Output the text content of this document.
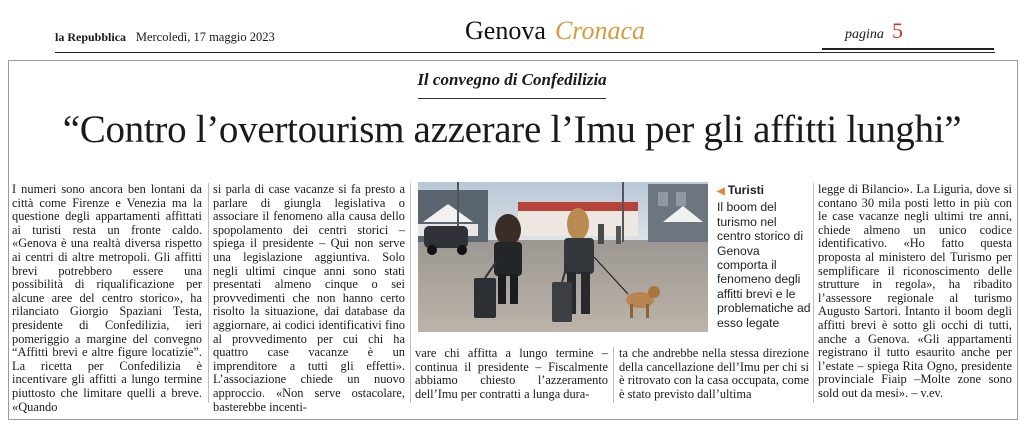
la Repubblica Mercoledì, 17 maggio 2023	Genova Cronaca	pagina 5
Il convegno di Confedilizia
“Contro l’overtourism azzerare l’Imu per gli affitti lunghi”
I numeri sono ancora ben lontani da città come Firenze e Venezia ma la questione degli appartamenti affittati ai turisti resta un fronte caldo. «Genova è una realtà diversa rispetto ai centri di altre metropoli. Gli affitti brevi potrebbero essere una possibilità di riqualificazione per alcune aree del centro storico», ha rilanciato Giorgio Spaziani Testa, presidente di Confedilizia, ieri pomeriggio a margine del convegno “Affitti brevi e altre figure locatizie”. La ricetta per Confedilizia è incentivare gli affitti a lungo termine piuttosto che limitare quelli a breve. «Quando
si parla di case vacanze si fa presto a parlare di giungla legislativa o associare il fenomeno alla causa dello spopolamento dei centri storici – spiega il presidente – Qui non serve una legislazione aggiuntiva. Solo negli ultimi cinque anni sono stati presentati almeno cinque o sei provvedimenti che non hanno certo risolto la situazione, dai database da aggiornare, ai codici identificativi fino al provvedimento per cui chi ha quattro case vacanze è un imprenditore a tutti gli effetti». L’associazione chiede un nuovo approccio. «Non serve ostacolare, basterebbe incenti-
vare chi affitta a lungo termine – continua il presidente – Fiscalmente abbiamo chiesto l’azzeramento dell’Imu per contratti a lunga dura-
ta che andrebbe nella stessa direzione della cancellazione dell’Imu per chi si è ritrovato con la casa occupata, come è stato previsto dall’ultima
legge di Bilancio». La Liguria, dove si contano 30 mila posti letto in più con le case vacanze negli ultimi tre anni, chiede almeno un unico codice identificativo. «Ho fatto questa proposta al ministero del Turismo per semplificare il riconoscimento delle strutture in regola», ha ribadito l’assessore regionale al turismo Augusto Sartori. Intanto il boom degli affitti brevi è sotto gli occhi di tutti, anche a Genova. «Gli appartamenti registrano il tutto esaurito anche per l’estate – spiega Rita Ogno, presidente provinciale Fiaip –Molte zone sono sold out da mesi». – v.ev.
◀ Turisti
Il boom del turismo nel centro storico di Genova comporta il fenomeno degli affitti brevi e le problematiche ad esso legate
